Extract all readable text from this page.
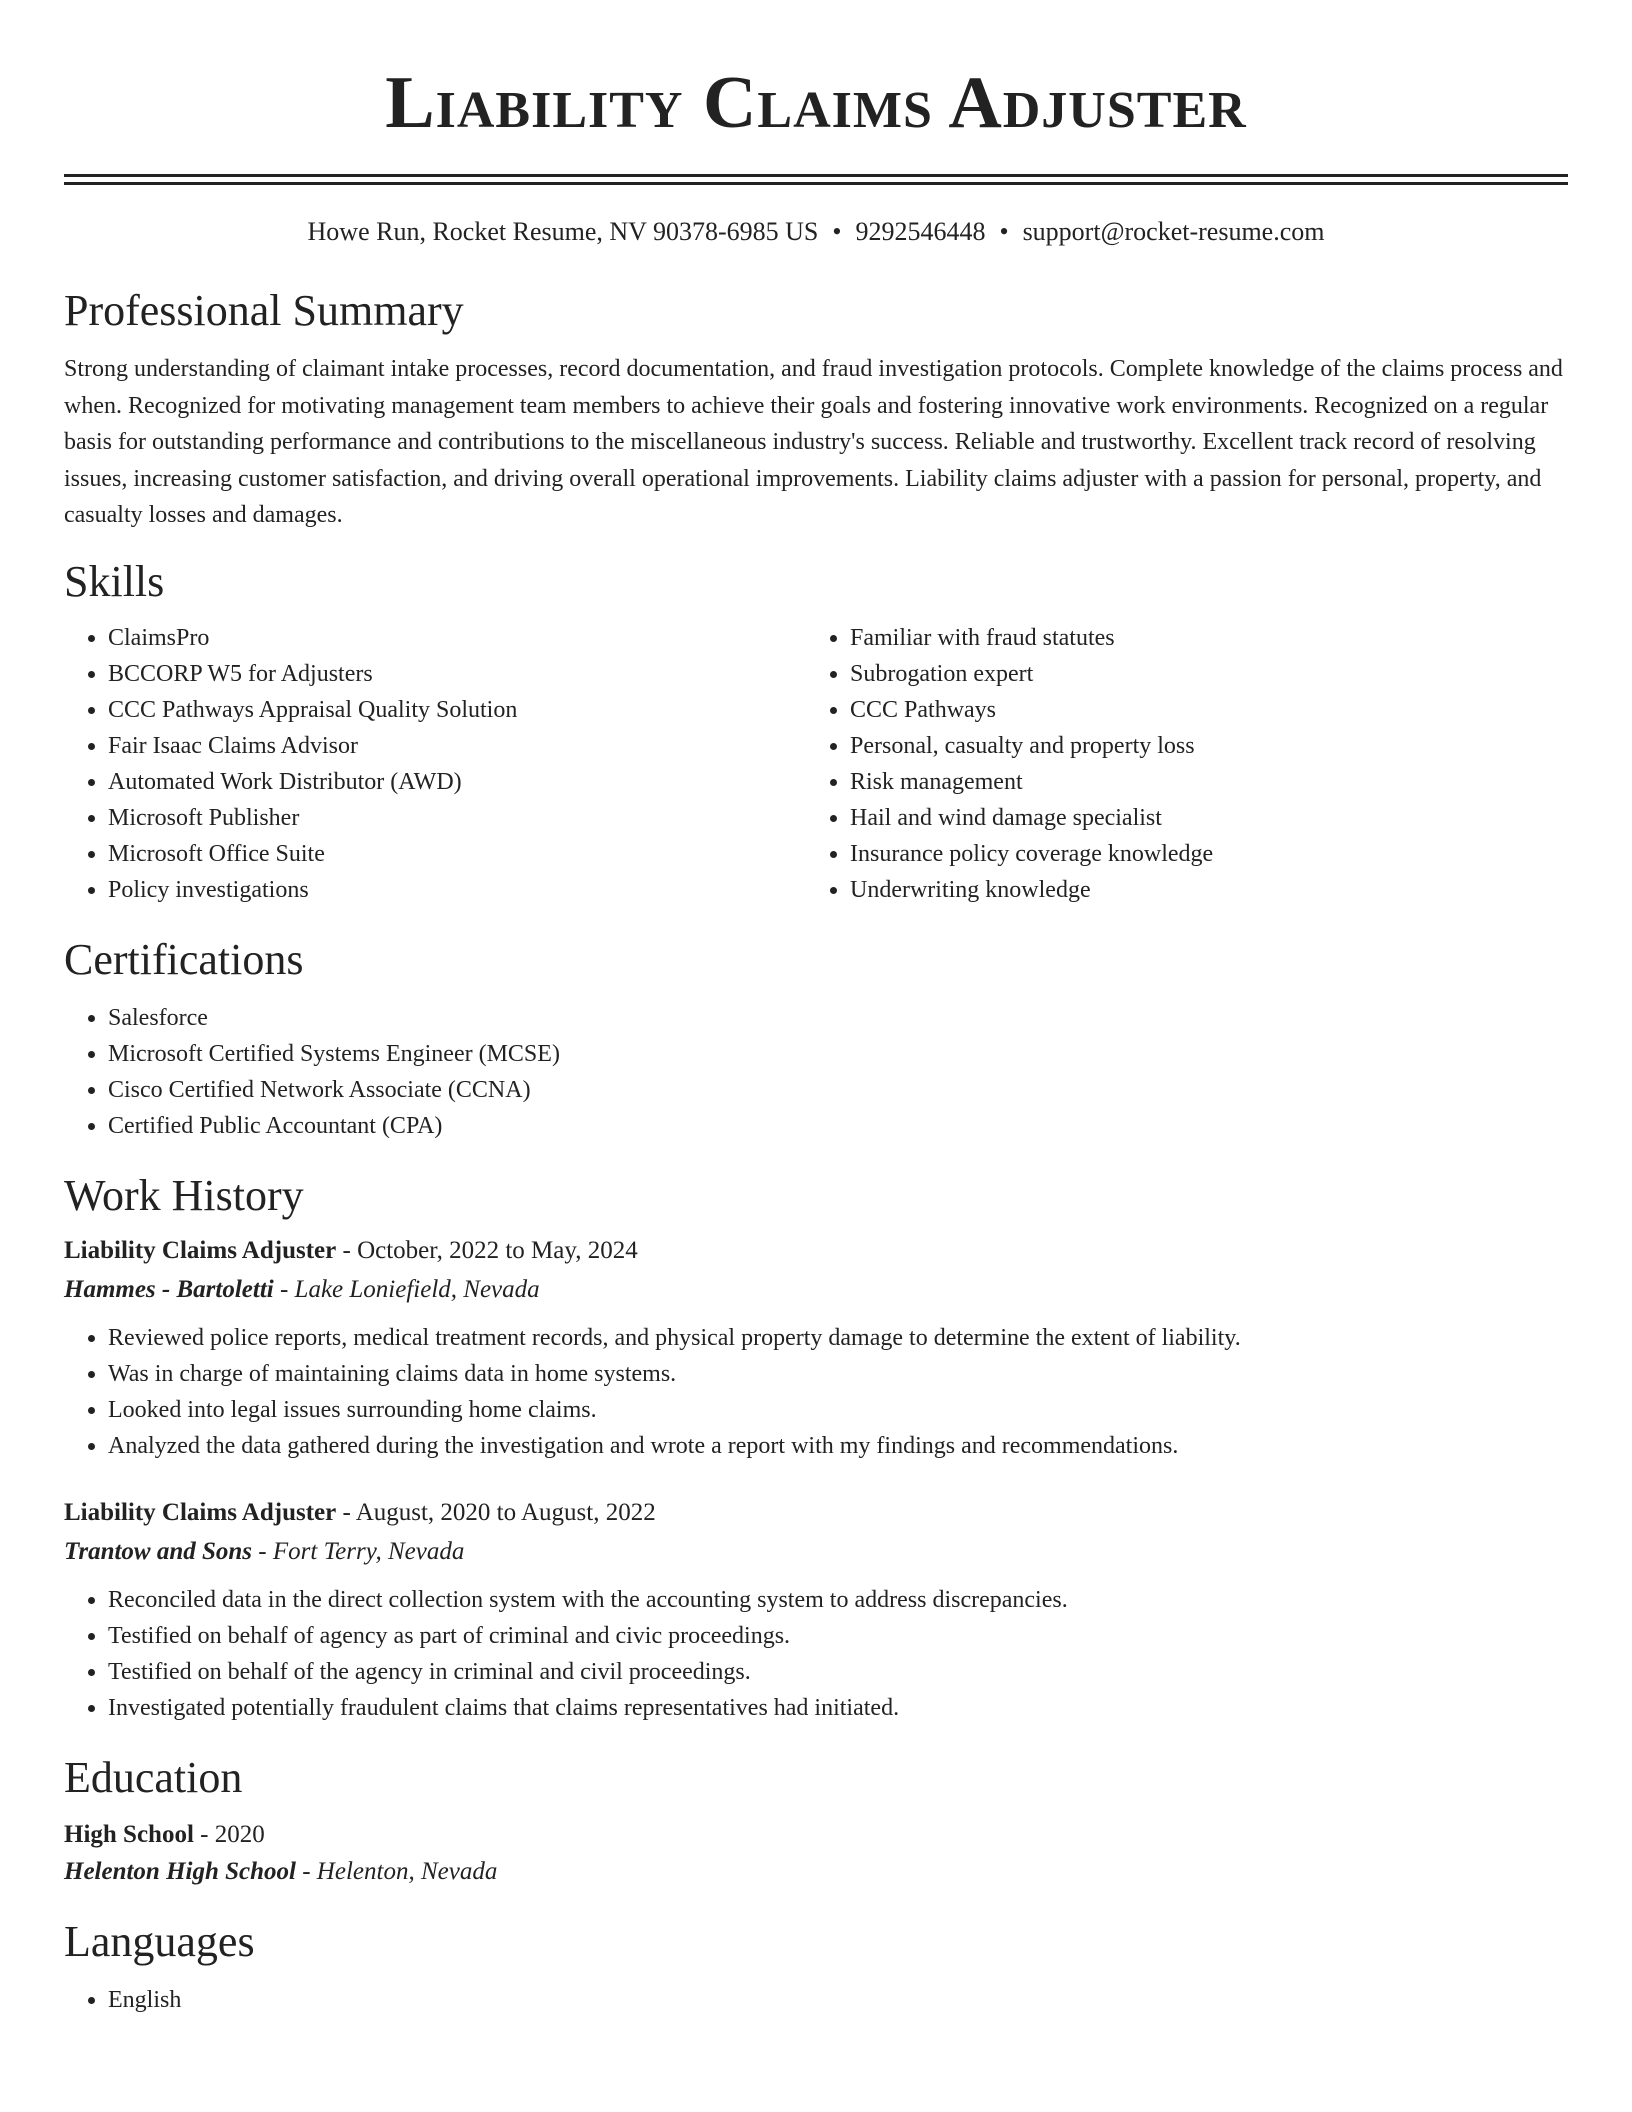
Liability Claims Adjuster
Howe Run, Rocket Resume, NV 90378-6985 US • 9292546448 • support@rocket-resume.com
Professional Summary

Strong understanding of claimant intake processes, record documentation, and fraud investigation protocols. Complete knowledge of the claims process and when. Recognized for motivating management team members to achieve their goals and fostering innovative work environments. Recognized on a regular basis for outstanding performance and contributions to the miscellaneous industry's success. Reliable and trustworthy. Excellent track record of resolving issues, increasing customer satisfaction, and driving overall operational improvements. Liability claims adjuster with a passion for personal, property, and casualty losses and damages.

Skills
• ClaimsPro
• BCCORP W5 for Adjusters
• CCC Pathways Appraisal Quality Solution
• Fair Isaac Claims Advisor
• Automated Work Distributor (AWD)
• Microsoft Publisher
• Microsoft Office Suite
• Policy investigations
• Familiar with fraud statutes
• Subrogation expert
• CCC Pathways
• Personal, casualty and property loss
• Risk management
• Hail and wind damage specialist
• Insurance policy coverage knowledge
• Underwriting knowledge
Certifications
• Salesforce
• Microsoft Certified Systems Engineer (MCSE)
• Cisco Certified Network Associate (CCNA)
• Certified Public Accountant (CPA)
Work History
Liability Claims Adjuster - October, 2022 to May, 2024
Hammes - Bartoletti - Lake Loniefield, Nevada
• Reviewed police reports, medical treatment records, and physical property damage to determine the extent of liability.
• Was in charge of maintaining claims data in home systems.
• Looked into legal issues surrounding home claims.
• Analyzed the data gathered during the investigation and wrote a report with my findings and recommendations.
Liability Claims Adjuster - August, 2020 to August, 2022
Trantow and Sons - Fort Terry, Nevada
• Reconciled data in the direct collection system with the accounting system to address discrepancies.
• Testified on behalf of agency as part of criminal and civic proceedings.
• Testified on behalf of the agency in criminal and civil proceedings.
• Investigated potentially fraudulent claims that claims representatives had initiated.
Education
High School - 2020
Helenton High School - Helenton, Nevada
Languages
• English
